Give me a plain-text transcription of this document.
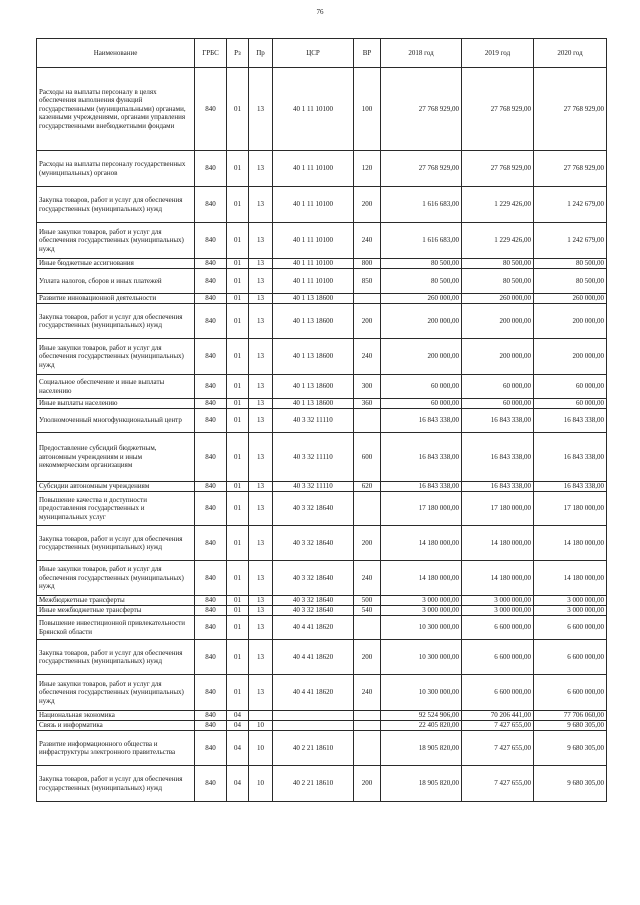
76
Наименование	ГРБС	Рз	Пр	ЦСР	ВР	2018 год	2019 год	2020 год
Расходы на выплаты персоналу в целях обеспечения выполнения функций государственными (муниципальными) органами, казенными учреждениями, органами управления государственными внебюджетными фондами	840	01	13	40 1 11 10100	100	27 768 929,00	27 768 929,00	27 768 929,00
Расходы на выплаты персоналу государственных (муниципальных) органов	840	01	13	40 1 11 10100	120	27 768 929,00	27 768 929,00	27 768 929,00
Закупка товаров, работ и услуг для обеспечения государственных (муниципальных) нужд	840	01	13	40 1 11 10100	200	1 616 683,00	1 229 426,00	1 242 679,00
Иные закупки товаров, работ и услуг для обеспечения государственных (муниципальных) нужд	840	01	13	40 1 11 10100	240	1 616 683,00	1 229 426,00	1 242 679,00
Иные бюджетные ассигнования	840	01	13	40 1 11 10100	800	80 500,00	80 500,00	80 500,00
Уплата налогов, сборов и иных платежей	840	01	13	40 1 11 10100	850	80 500,00	80 500,00	80 500,00
Развитие инновационной деятельности	840	01	13	40 1 13 18600		260 000,00	260 000,00	260 000,00
Закупка товаров, работ и услуг для обеспечения государственных (муниципальных) нужд	840	01	13	40 1 13 18600	200	200 000,00	200 000,00	200 000,00
Иные закупки товаров, работ и услуг для обеспечения государственных (муниципальных) нужд	840	01	13	40 1 13 18600	240	200 000,00	200 000,00	200 000,00
Социальное обеспечение и иные выплаты населению	840	01	13	40 1 13 18600	300	60 000,00	60 000,00	60 000,00
Иные выплаты населению	840	01	13	40 1 13 18600	360	60 000,00	60 000,00	60 000,00
Уполномоченный многофункциональный центр	840	01	13	40 3 32 11110		16 843 338,00	16 843 338,00	16 843 338,00
Предоставление субсидий бюджетным, автономным учреждениям и иным некоммерческим организациям	840	01	13	40 3 32 11110	600	16 843 338,00	16 843 338,00	16 843 338,00
Субсидии автономным учреждениям	840	01	13	40 3 32 11110	620	16 843 338,00	16 843 338,00	16 843 338,00
Повышение качества и доступности предоставления государственных и муниципальных услуг	840	01	13	40 3 32 18640		17 180 000,00	17 180 000,00	17 180 000,00
Закупка товаров, работ и услуг для обеспечения государственных (муниципальных) нужд	840	01	13	40 3 32 18640	200	14 180 000,00	14 180 000,00	14 180 000,00
Иные закупки товаров, работ и услуг для обеспечения государственных (муниципальных) нужд	840	01	13	40 3 32 18640	240	14 180 000,00	14 180 000,00	14 180 000,00
Межбюджетные трансферты	840	01	13	40 3 32 18640	500	3 000 000,00	3 000 000,00	3 000 000,00
Иные межбюджетные трансферты	840	01	13	40 3 32 18640	540	3 000 000,00	3 000 000,00	3 000 000,00
Повышение инвестиционной привлекательности Брянской области	840	01	13	40 4 41 18620		10 300 000,00	6 600 000,00	6 600 000,00
Закупка товаров, работ и услуг для обеспечения государственных (муниципальных) нужд	840	01	13	40 4 41 18620	200	10 300 000,00	6 600 000,00	6 600 000,00
Иные закупки товаров, работ и услуг для обеспечения государственных (муниципальных) нужд	840	01	13	40 4 41 18620	240	10 300 000,00	6 600 000,00	6 600 000,00
Национальная экономика	840	04				92 524 906,00	70 206 441,00	77 706 060,00
Связь и информатика	840	04	10			22 405 820,00	7 427 655,00	9 680 305,00
Развитие информационного общества и инфраструктуры электронного правительства	840	04	10	40 2 21 18610		18 905 820,00	7 427 655,00	9 680 305,00
Закупка товаров, работ и услуг для обеспечения государственных (муниципальных) нужд	840	04	10	40 2 21 18610	200	18 905 820,00	7 427 655,00	9 680 305,00
